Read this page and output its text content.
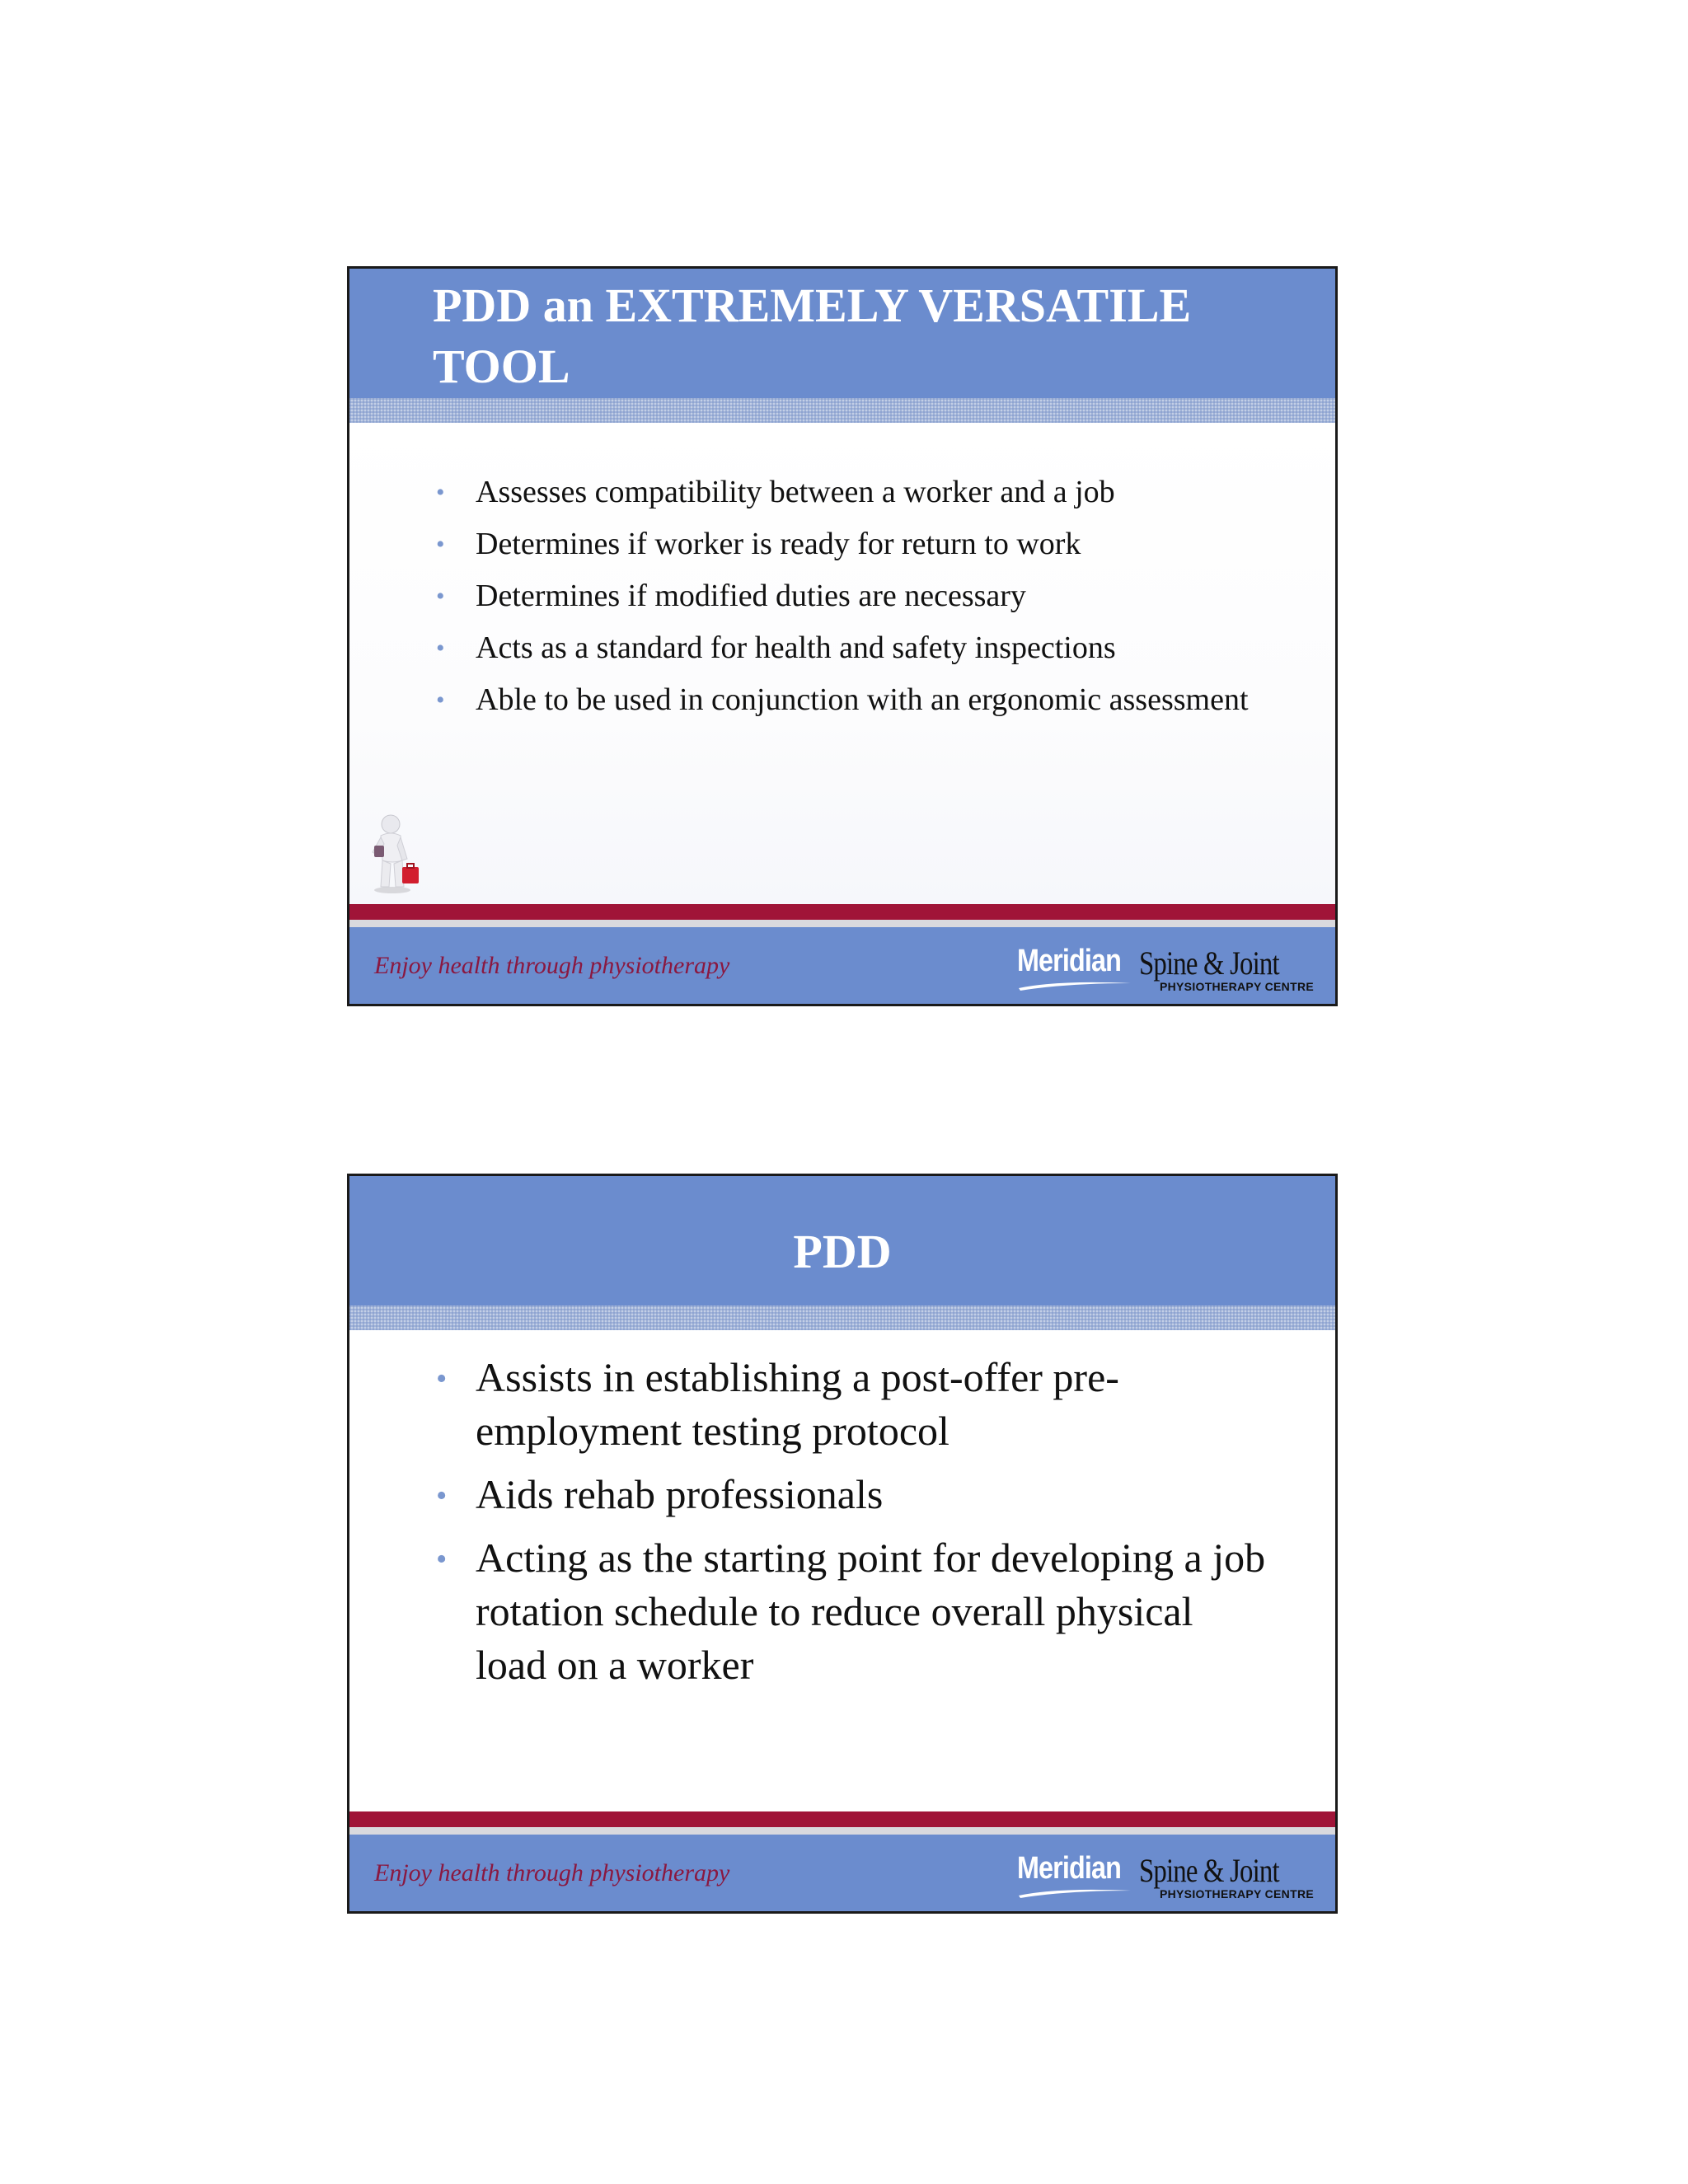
PDD an EXTREMELY VERSATILE TOOL
• Assesses compatibility between a worker and a job
• Determines if worker is ready for return to work
• Determines if modified duties are necessary
• Acts as a standard for health and safety inspections
• Able to be used in conjunction with an ergonomic assessment
Enjoy health through physiotherapy	Meridian Spine & Joint
PHYSIOTHERAPY CENTRE
PDD
• Assists in establishing a post-offer pre-employment testing protocol
• Aids rehab professionals
• Acting as the starting point for developing a job rotation schedule to reduce overall physical load on a worker
Enjoy health through physiotherapy	Meridian Spine & Joint
PHYSIOTHERAPY CENTRE
